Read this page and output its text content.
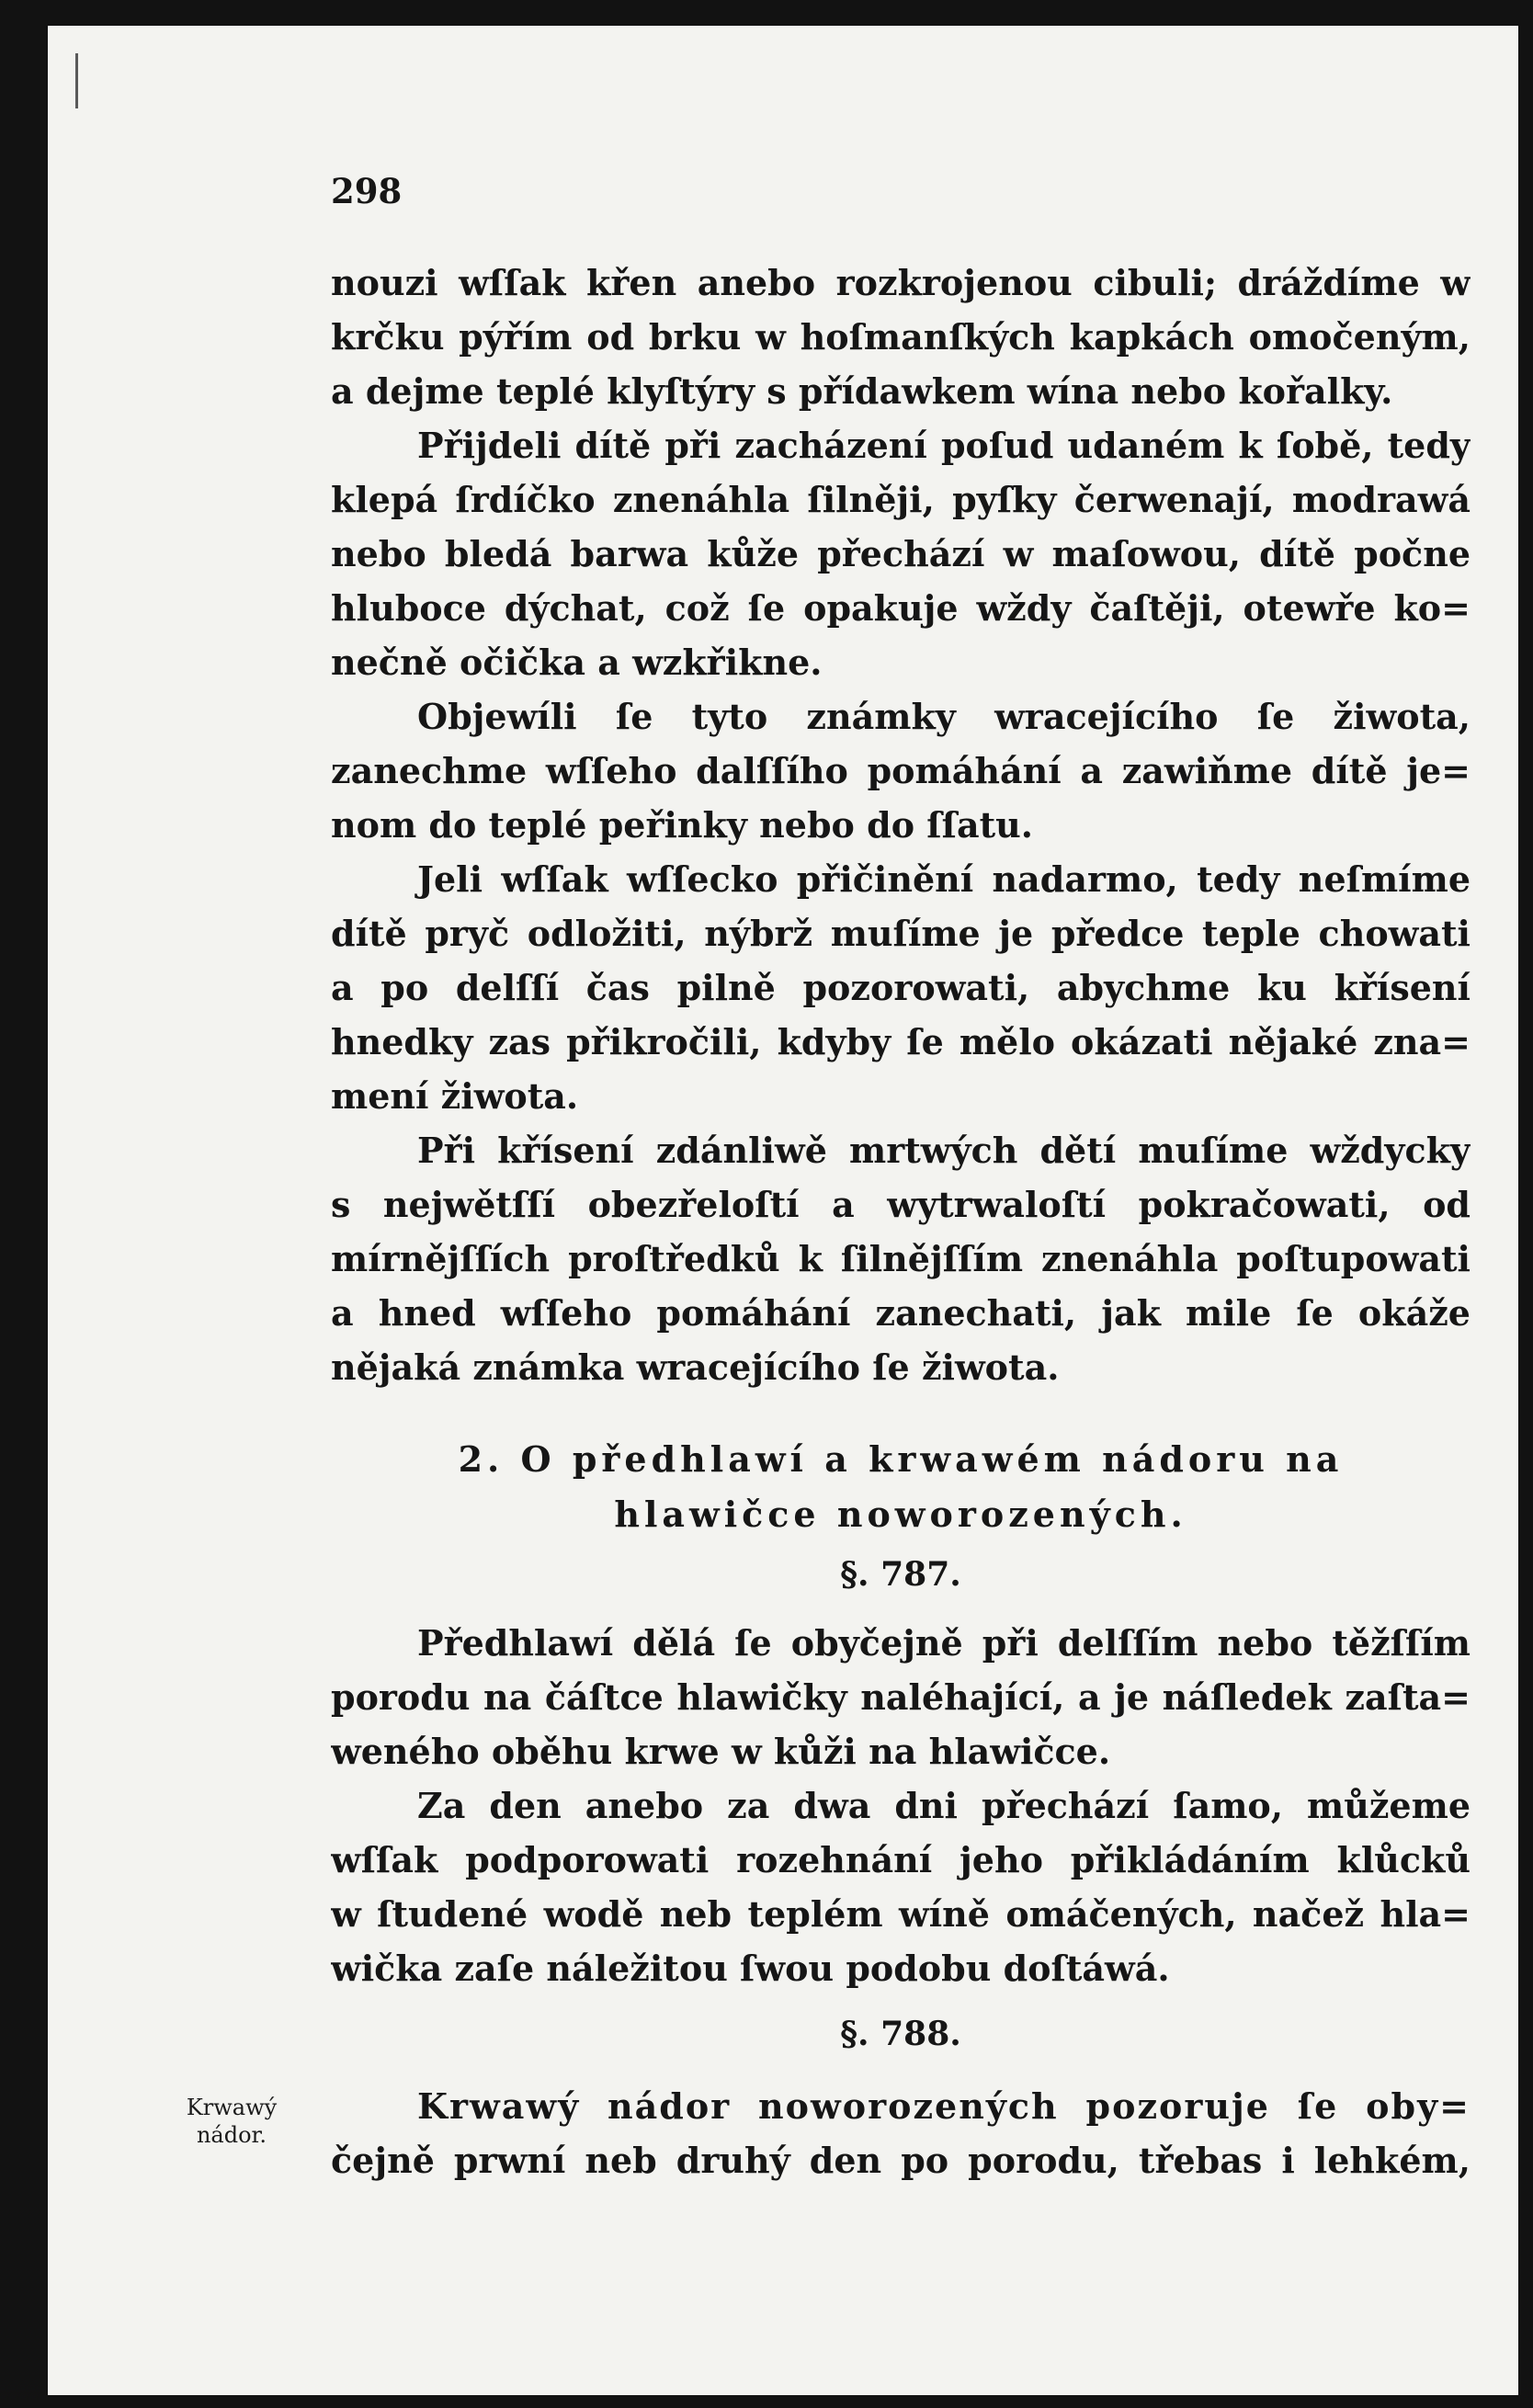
298
nouzi wſſak křen anebo rozkrojenou cibuli; dráždíme w
krčku pýřím od brku w hoſmanſkých kapkách omočeným,
a dejme teplé klyſtýry s přídawkem wína nebo kořalky.
Přijdeli dítě při zacházení poſud udaném k ſobě, tedy
klepá ſrdíčko znenáhla ſilněji, pyſky čerwenají, modrawá
nebo bledá barwa kůže přechází w maſowou, dítě počne
hluboce dýchat, což ſe opakuje wždy čaſtěji, otewře ko=
nečně očička a wzkřikne.
Objewíli ſe tyto známky wracejícího ſe žiwota,
zanechme wſſeho dalſſího pomáhání a zawiňme dítě je=
nom do teplé peřinky nebo do ſſatu.
Jeli wſſak wſſecko přičinění nadarmo, tedy neſmíme
dítě pryč odložiti, nýbrž muſíme je předce teple chowati
a po delſſí čas pilně pozorowati, abychme ku křísení
hnedky zas přikročili, kdyby ſe mělo okázati nějaké zna=
mení žiwota.
Při křísení zdánliwě mrtwých dětí muſíme wždycky
s nejwětſſí obezřeloſtí a wytrwaloſtí pokračowati, od
mírnějſſích proſtředků k ſilnějſſím znenáhla poſtupowati
a hned wſſeho pomáhání zanechati, jak mile ſe okáže
nějaká známka wracejícího ſe žiwota.
2. O předhlawí a krwawém nádoru na
hlawičce noworozených.
§. 787.
Předhlawí dělá ſe obyčejně při delſſím nebo těžſſím
porodu na čáſtce hlawičky naléhající, a je náſledek zaſta=
weného oběhu krwe w kůži na hlawičce.
Za den anebo za dwa dni přechází ſamo, můžeme
wſſak podporowati rozehnání jeho přikládáním klůcků
w ſtudené wodě neb teplém wíně omáčených, načež hla=
wička zaſe náležitou ſwou podobu doſtáwá.
§. 788.
Krwawý nádor noworozených pozoruje ſe oby=
čejně prwní neb druhý den po porodu, třebas i lehkém,
Krwawý
nádor.
